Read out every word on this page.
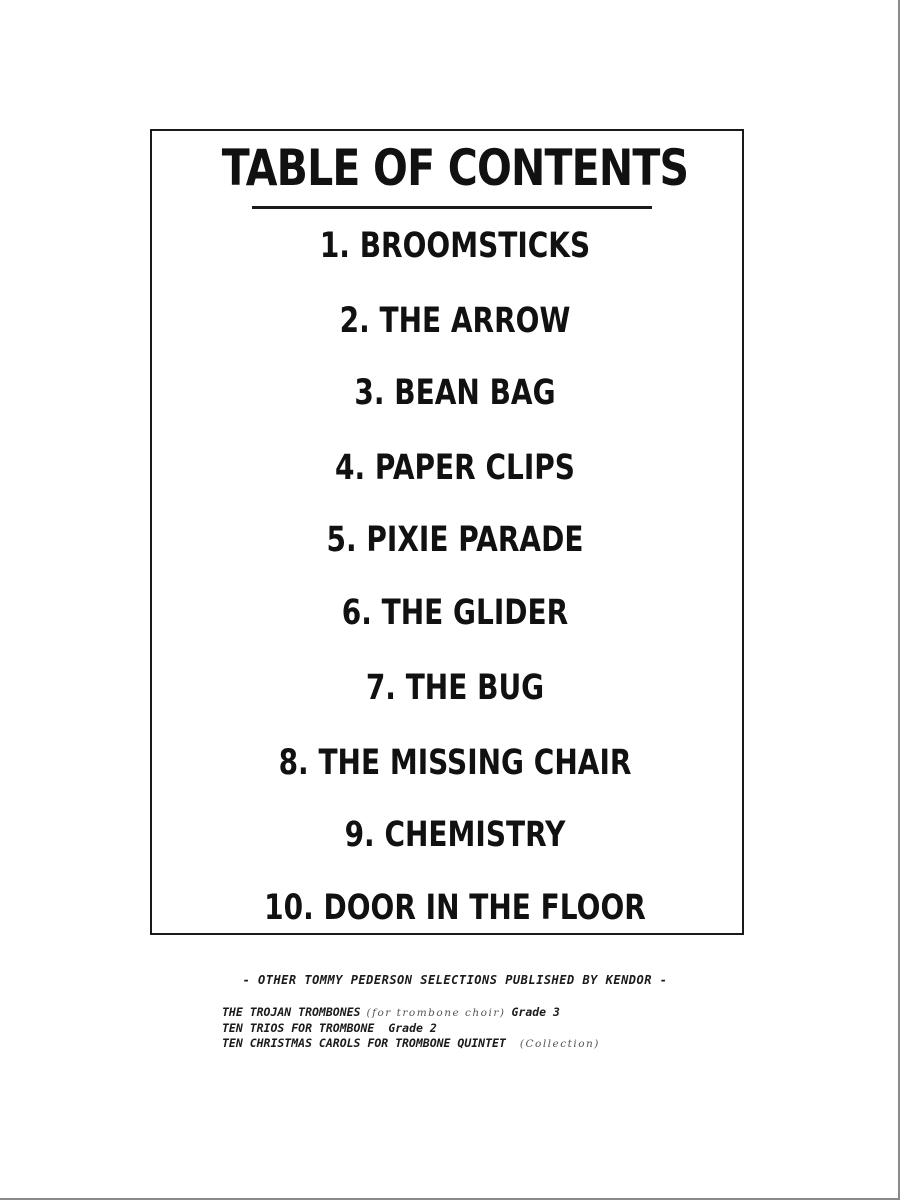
TABLE OF CONTENTS
1. BROOMSTICKS
2. THE ARROW
3. BEAN BAG
4. PAPER CLIPS
5. PIXIE PARADE
6. THE GLIDER
7. THE BUG
8. THE MISSING CHAIR
9. CHEMISTRY
10. DOOR IN THE FLOOR
- OTHER TOMMY PEDERSON SELECTIONS PUBLISHED BY KENDOR -
THE TROJAN TROMBONES (for trombone choir) Grade 3
TEN TRIOS FOR TROMBONE Grade 2
TEN CHRISTMAS CAROLS FOR TROMBONE QUINTET (Collection)
